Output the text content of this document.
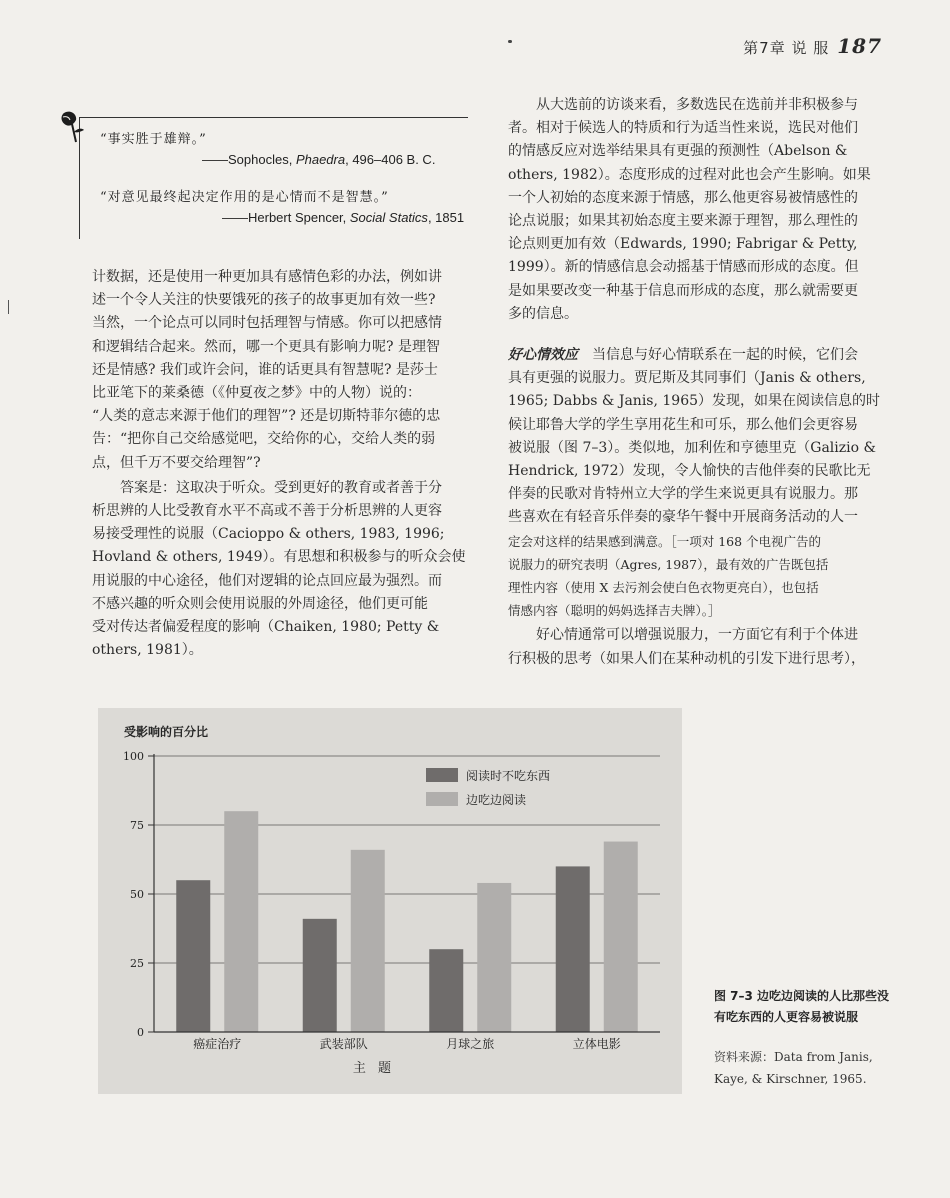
第7章 说 服 187
“事实胜于雄辩。”
——Sophocles, Phaedra, 496–406 B. C.
“对意见最终起决定作用的是心情而不是智慧。”
——Herbert Spencer, Social Statics, 1851
计数据，还是使用一种更加具有感情色彩的办法，例如讲
述一个令人关注的快要饿死的孩子的故事更加有效一些?
当然，一个论点可以同时包括理智与情感。你可以把感情
和逻辑结合起来。然而，哪一个更具有影响力呢? 是理智
还是情感? 我们或许会问，谁的话更具有智慧呢? 是莎士
比亚笔下的莱桑德（《仲夏夜之梦》中的人物）说的：
“人类的意志来源于他们的理智”? 还是切斯特菲尔德的忠
告：“把你自己交给感觉吧，交给你的心，交给人类的弱
点，但千万不要交给理智”?
答案是：这取决于听众。受到更好的教育或者善于分
析思辨的人比受教育水平不高或不善于分析思辨的人更容
易接受理性的说服（Cacioppo & others, 1983, 1996;
Hovland & others, 1949）。有思想和积极参与的听众会使
用说服的中心途径，他们对逻辑的论点回应最为强烈。而
不感兴趣的听众则会使用说服的外周途径，他们更可能
受对传达者偏爱程度的影响（Chaiken, 1980; Petty &
others, 1981）。
从大选前的访谈来看，多数选民在选前并非积极参与
者。相对于候选人的特质和行为适当性来说，选民对他们
的情感反应对选举结果具有更强的预测性（Abelson &
others, 1982）。态度形成的过程对此也会产生影响。如果
一个人初始的态度来源于情感，那么他更容易被情感性的
论点说服；如果其初始态度主要来源于理智，那么理性的
论点则更加有效（Edwards, 1990; Fabrigar & Petty,
1999）。新的情感信息会动摇基于情感而形成的态度。但
是如果要改变一种基于信息而形成的态度，那么就需要更
多的信息。
好心情效应 当信息与好心情联系在一起的时候，它们会
具有更强的说服力。贾尼斯及其同事们（Janis & others,
1965; Dabbs & Janis, 1965）发现，如果在阅读信息的时
候让耶鲁大学的学生享用花生和可乐，那么他们会更容易
被说服（图 7–3）。类似地，加利佐和亨德里克（Galizio &
Hendrick, 1972）发现，令人愉快的吉他伴奏的民歌比无
伴奏的民歌对肯特州立大学的学生来说更具有说服力。那
些喜欢在有轻音乐伴奏的豪华午餐中开展商务活动的人一
定会对这样的结果感到满意。［一项对 168 个电视广告的
说服力的研究表明（Agres, 1987），最有效的广告既包括
理性内容（使用 X 去污剂会使白色衣物更亮白），也包括
情感内容（聪明的妈妈选择吉夫牌）。］
好心情通常可以增强说服力，一方面它有利于个体进
行积极的思考（如果人们在某种动机的引发下进行思考），
受影响的百分比
0
25
50
75
100
癌症治疗	武装部队	月球之旅	立体电影
阅读时不吃东西
边吃边阅读
主 题
图 7–3 边吃边阅读的人比那些没有吃东西的人更容易被说服
资料来源：Data from Janis, Kaye, & Kirschner, 1965.
